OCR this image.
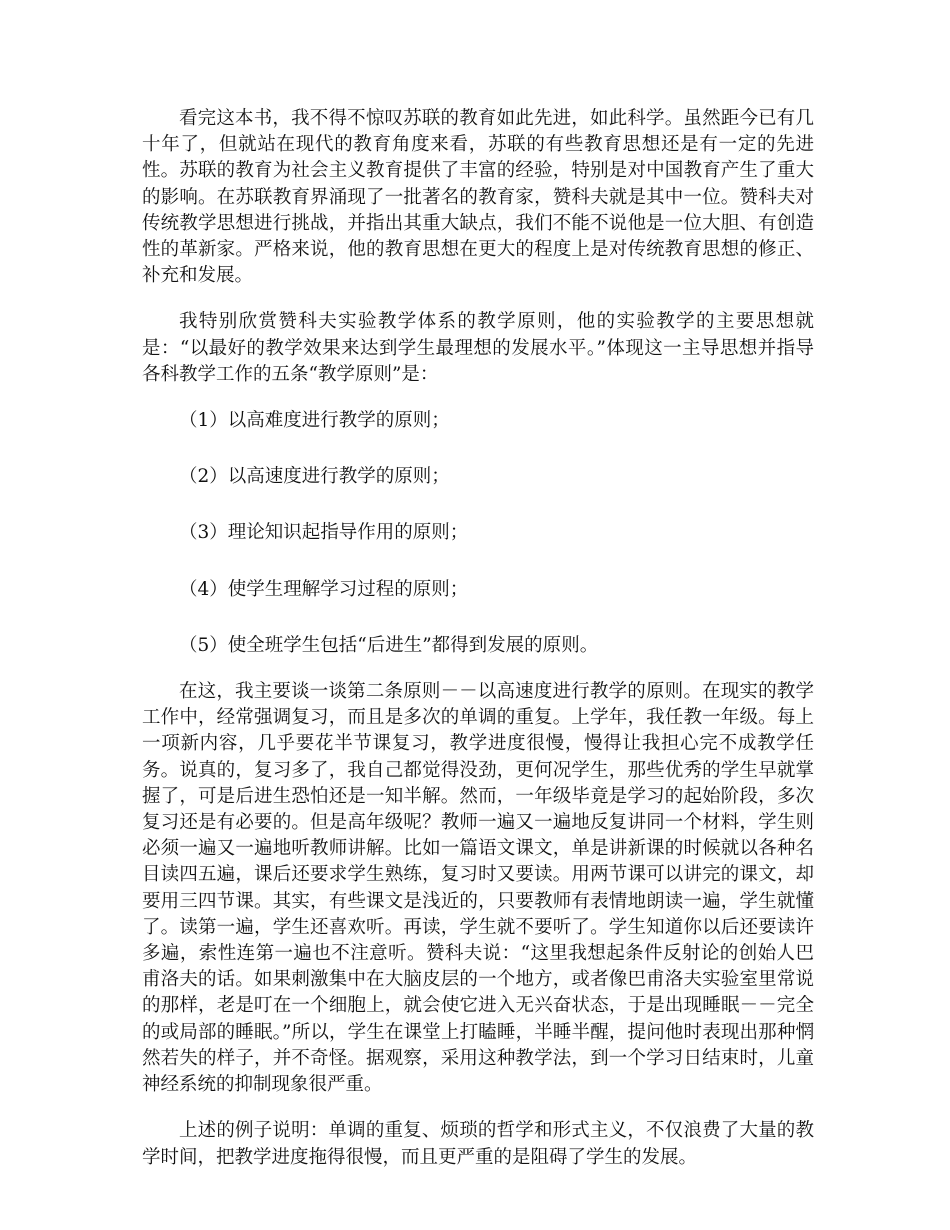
看完这本书，我不得不惊叹苏联的教育如此先进，如此科学。虽然距今已有几十年了，但就站在现代的教育角度来看，苏联的有些教育思想还是有一定的先进性。苏联的教育为社会主义教育提供了丰富的经验，特别是对中国教育产生了重大的影响。在苏联教育界涌现了一批著名的教育家，赞科夫就是其中一位。赞科夫对传统教学思想进行挑战，并指出其重大缺点，我们不能不说他是一位大胆、有创造性的革新家。严格来说，他的教育思想在更大的程度上是对传统教育思想的修正、补充和发展。

我特别欣赏赞科夫实验教学体系的教学原则，他的实验教学的主要思想就是：“以最好的教学效果来达到学生最理想的发展水平。”体现这一主导思想并指导各科教学工作的五条“教学原则”是：

（1）以高难度进行教学的原则；

（2）以高速度进行教学的原则；

（3）理论知识起指导作用的原则；

（4）使学生理解学习过程的原则；

（5）使全班学生包括“后进生”都得到发展的原则。

在这，我主要谈一谈第二条原则－－以高速度进行教学的原则。在现实的教学工作中，经常强调复习，而且是多次的单调的重复。上学年，我任教一年级。每上一项新内容，几乎要花半节课复习，教学进度很慢，慢得让我担心完不成教学任务。说真的，复习多了，我自己都觉得没劲，更何况学生，那些优秀的学生早就掌握了，可是后进生恐怕还是一知半解。然而，一年级毕竟是学习的起始阶段，多次复习还是有必要的。但是高年级呢？教师一遍又一遍地反复讲同一个材料，学生则必须一遍又一遍地听教师讲解。比如一篇语文课文，单是讲新课的时候就以各种名目读四五遍，课后还要求学生熟练，复习时又要读。用两节课可以讲完的课文，却要用三四节课。其实，有些课文是浅近的，只要教师有表情地朗读一遍，学生就懂了。读第一遍，学生还喜欢听。再读，学生就不要听了。学生知道你以后还要读许多遍，索性连第一遍也不注意听。赞科夫说：“这里我想起条件反射论的创始人巴甫洛夫的话。如果刺激集中在大脑皮层的一个地方，或者像巴甫洛夫实验室里常说的那样，老是叮在一个细胞上，就会使它进入无兴奋状态，于是出现睡眠－－完全的或局部的睡眠。”所以，学生在课堂上打瞌睡，半睡半醒，提问他时表现出那种惘然若失的样子，并不奇怪。据观察，采用这种教学法，到一个学习日结束时，儿童神经系统的抑制现象很严重。

上述的例子说明：单调的重复、烦琐的哲学和形式主义，不仅浪费了大量的教学时间，把教学进度拖得很慢，而且更严重的是阻碍了学生的发展。
